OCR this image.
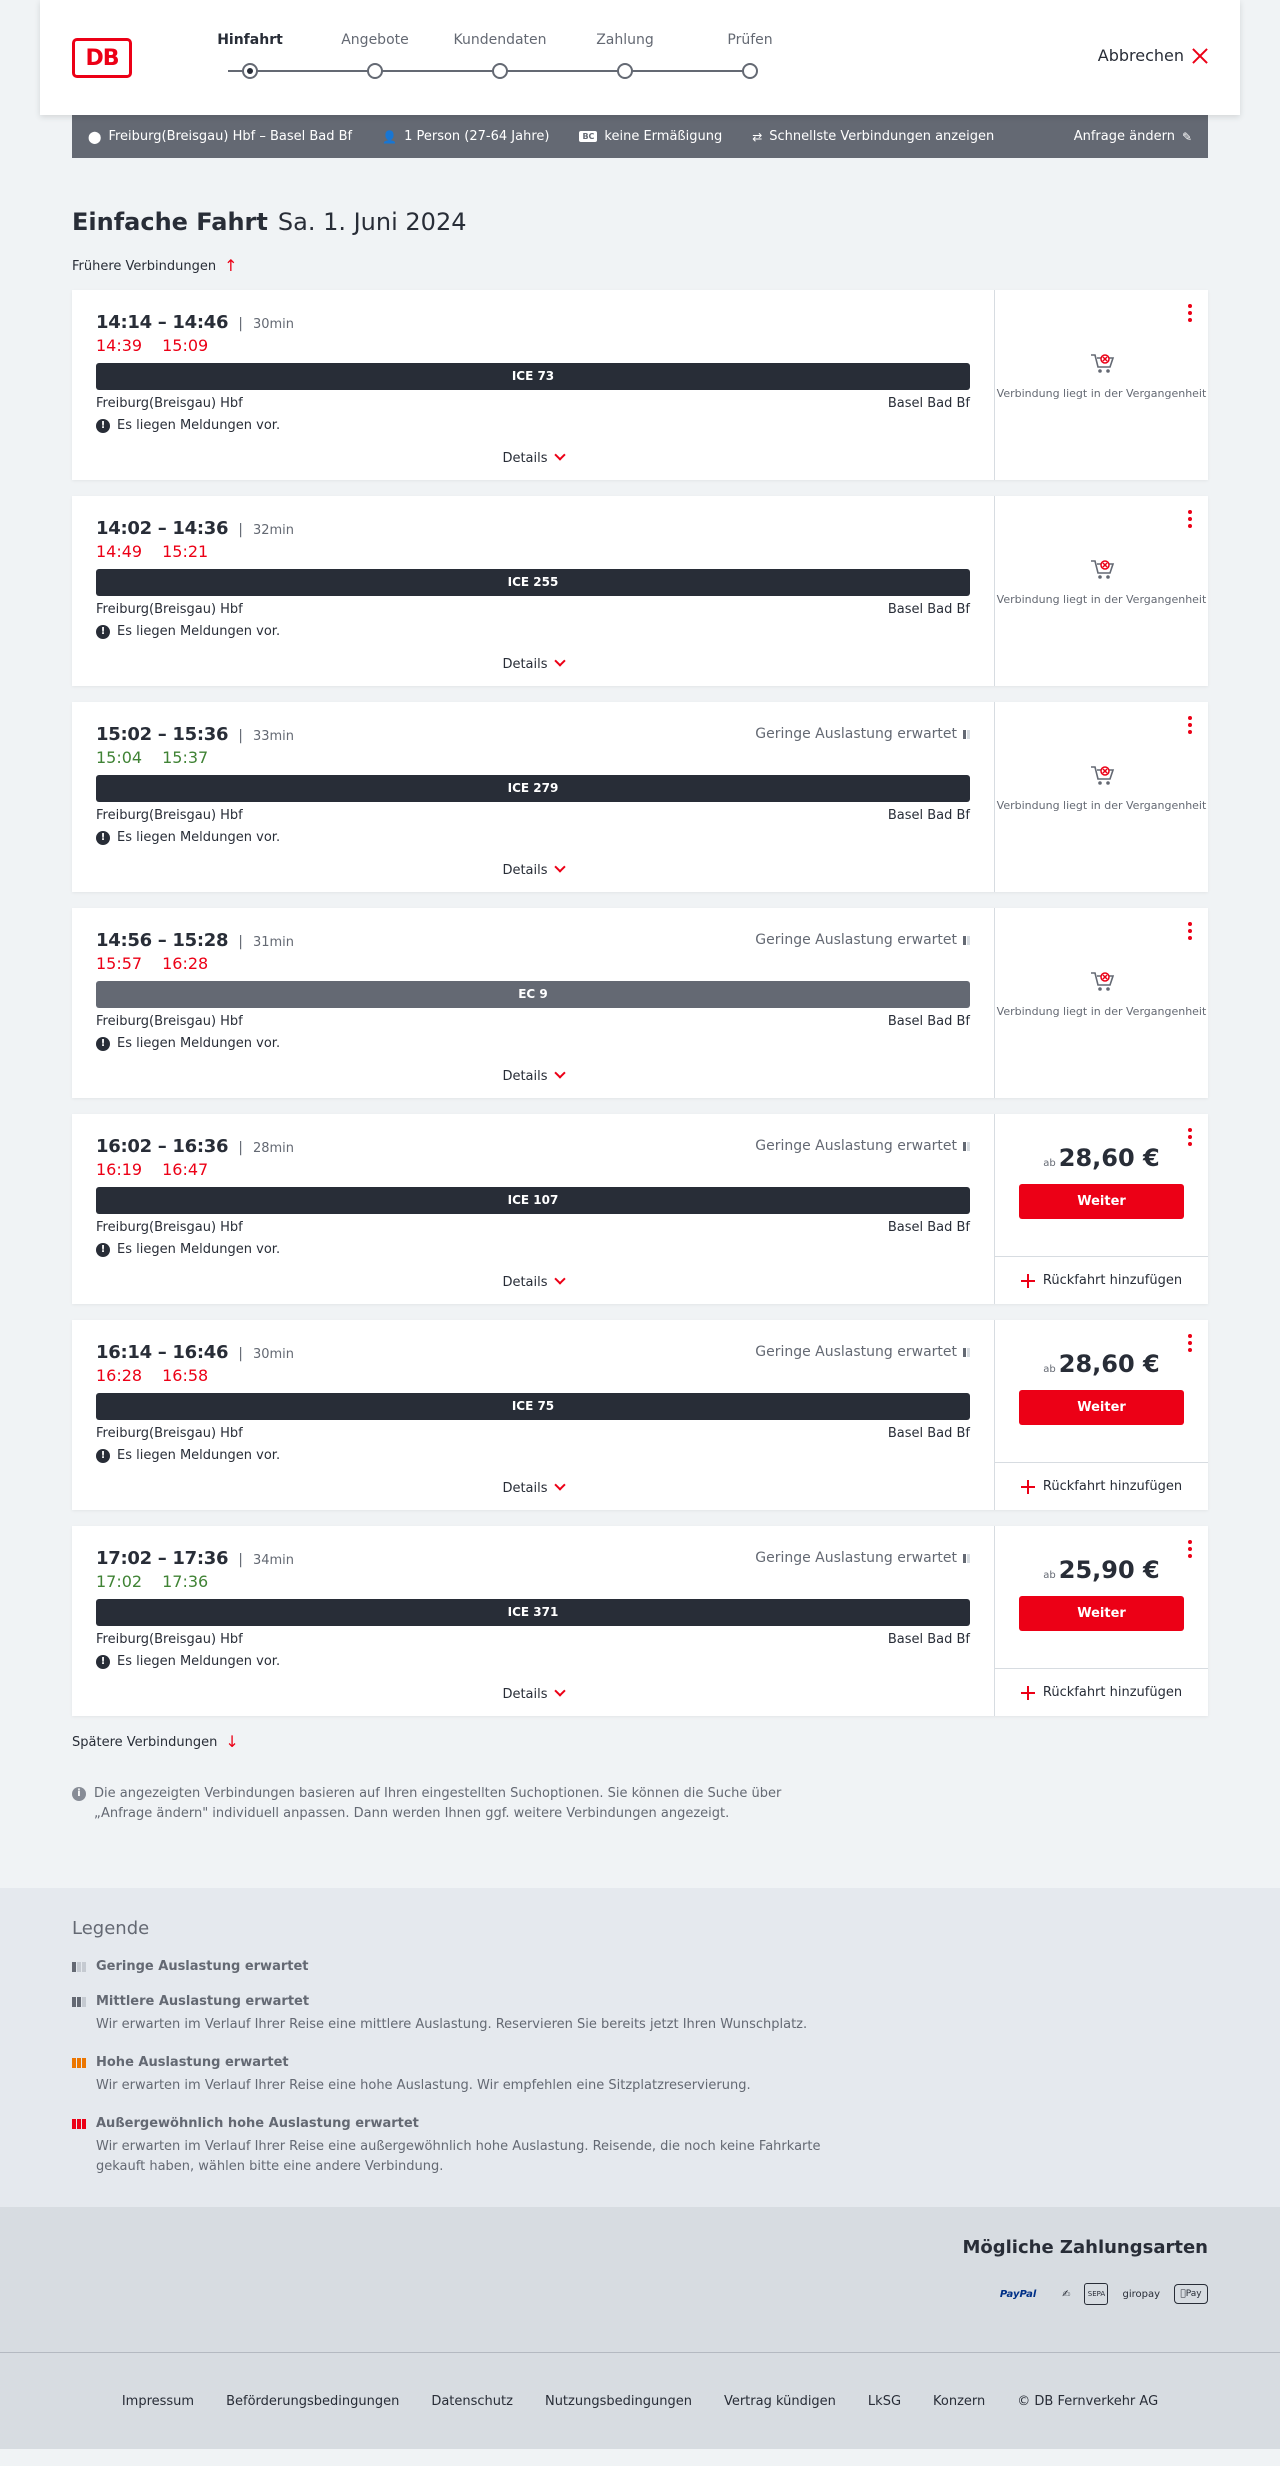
DB
Hinfahrt	Angebote	Kundendaten	Zahlung	Prüfen
Abbrechen
⬤ Freiburg(Breisgau) Hbf – Basel Bad Bf	👤 1 Person (27-64 Jahre)	BC keine Ermäßigung	⇄ Schnellste Verbindungen anzeigen	Anfrage ändern ✎
Einfache Fahrt Sa. 1. Juni 2024
Frühere Verbindungen ↑
14:14 – 14:46 | 30min
14:39 15:09
ICE 73
Freiburg(Breisgau) Hbf	Basel Bad Bf
! Es liegen Meldungen vor.
Details
Verbindung liegt in der Vergangenheit
14:02 – 14:36 | 32min
14:49 15:21
ICE 255
Freiburg(Breisgau) Hbf	Basel Bad Bf
! Es liegen Meldungen vor.
Details
Verbindung liegt in der Vergangenheit
15:02 – 15:36 | 33min	Geringe Auslastung erwartet
15:04 15:37
ICE 279
Freiburg(Breisgau) Hbf	Basel Bad Bf
! Es liegen Meldungen vor.
Details
Verbindung liegt in der Vergangenheit
14:56 – 15:28 | 31min	Geringe Auslastung erwartet
15:57 16:28
EC 9
Freiburg(Breisgau) Hbf	Basel Bad Bf
! Es liegen Meldungen vor.
Details
Verbindung liegt in der Vergangenheit
16:02 – 16:36 | 28min	Geringe Auslastung erwartet
16:19 16:47
ICE 107
Freiburg(Breisgau) Hbf	Basel Bad Bf
! Es liegen Meldungen vor.
Details
ab 28,60 €
Weiter
Rückfahrt hinzufügen
16:14 – 16:46 | 30min	Geringe Auslastung erwartet
16:28 16:58
ICE 75
Freiburg(Breisgau) Hbf	Basel Bad Bf
! Es liegen Meldungen vor.
Details
ab 28,60 €
Weiter
Rückfahrt hinzufügen
17:02 – 17:36 | 34min	Geringe Auslastung erwartet
17:02 17:36
ICE 371
Freiburg(Breisgau) Hbf	Basel Bad Bf
! Es liegen Meldungen vor.
Details
ab 25,90 €
Weiter
Rückfahrt hinzufügen
Spätere Verbindungen ↓
i	Die angezeigten Verbindungen basieren auf Ihren eingestellten Suchoptionen. Sie können die Suche über „Anfrage ändern" individuell anpassen. Dann werden Ihnen ggf. weitere Verbindungen angezeigt.
Legende
Geringe Auslastung erwartet
Mittlere Auslastung erwartet
Wir erwarten im Verlauf Ihrer Reise eine mittlere Auslastung. Reservieren Sie bereits jetzt Ihren Wunschplatz.
Hohe Auslastung erwartet
Wir erwarten im Verlauf Ihrer Reise eine hohe Auslastung. Wir empfehlen eine Sitzplatzreservierung.
Außergewöhnlich hohe Auslastung erwartet
Wir erwarten im Verlauf Ihrer Reise eine außergewöhnlich hohe Auslastung. Reisende, die noch keine Fahrkarte gekauft haben, wählen bitte eine andere Verbindung.
Mögliche Zahlungsarten
PayPal	✍	SEPA	giropay	Pay
Impressum Beförderungsbedingungen Datenschutz Nutzungsbedingungen Vertrag kündigen LkSG Konzern © DB Fernverkehr AG
